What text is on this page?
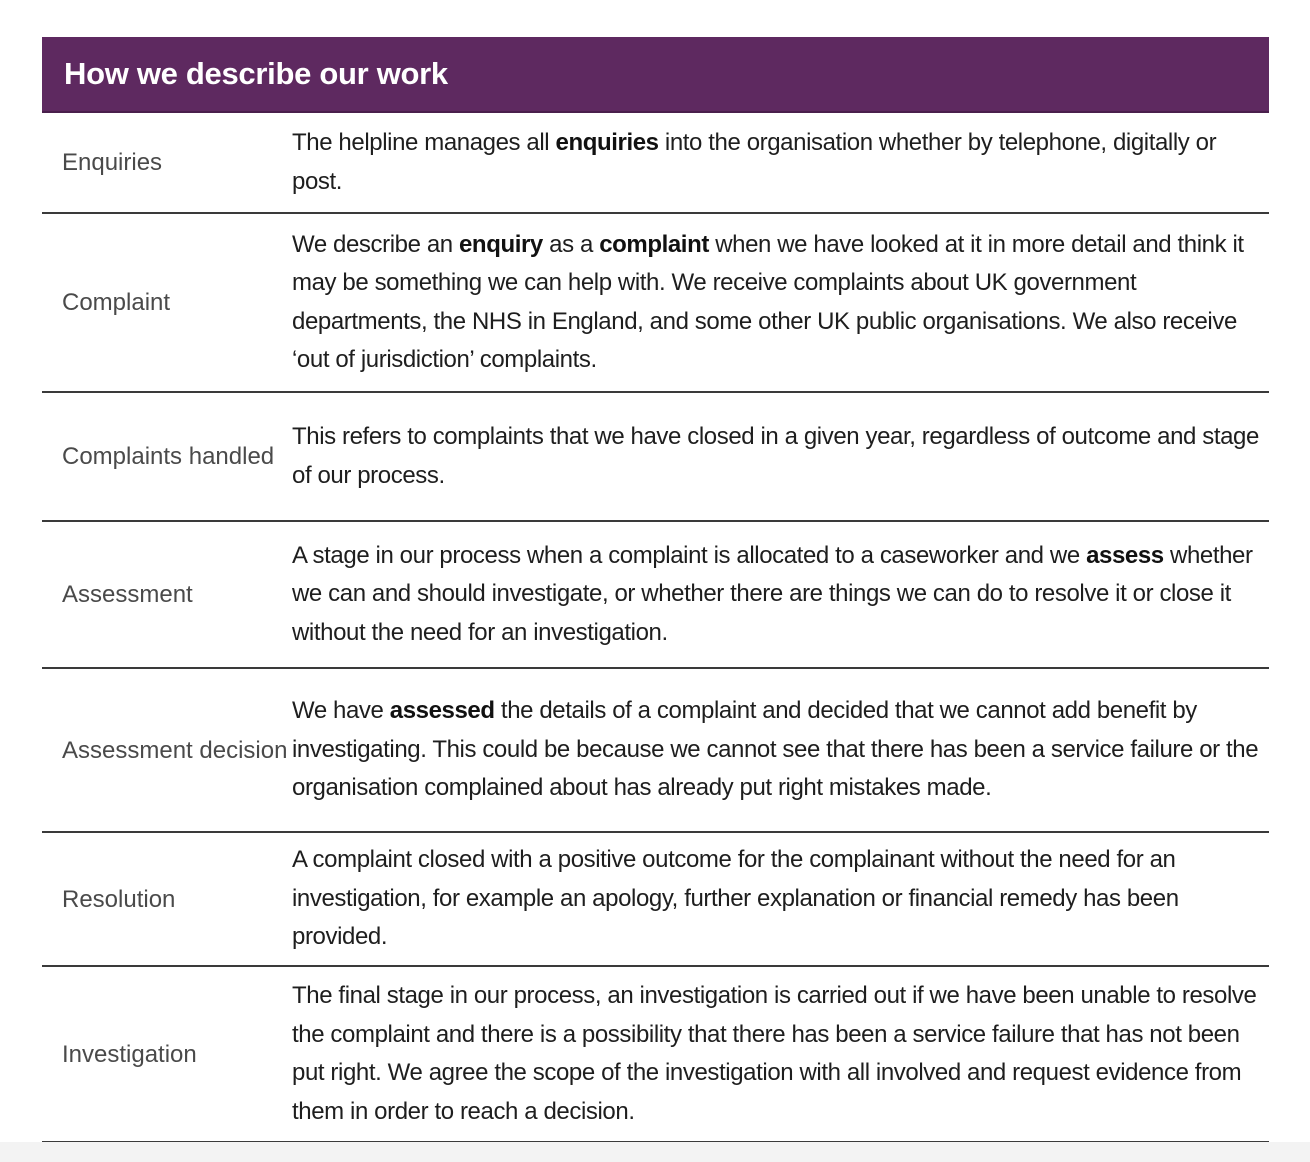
How we describe our work
Enquiries
The helpline manages all enquiries into the organisation whether by telephone, digitally or post.
Complaint
We describe an enquiry as a complaint when we have looked at it in more detail and think it may be something we can help with. We receive complaints about UK government departments, the NHS in England, and some other UK public organisations. We also receive ‘out of jurisdiction’ complaints.
Complaints handled
This refers to complaints that we have closed in a given year, regardless of outcome and stage of our process.
Assessment
A stage in our process when a complaint is allocated to a caseworker and we assess whether we can and should investigate, or whether there are things we can do to resolve it or close it without the need for an investigation.
Assessment decision
We have assessed the details of a complaint and decided that we cannot add benefit by investigating. This could be because we cannot see that there has been a service failure or the organisation complained about has already put right mistakes made.
Resolution
A complaint closed with a positive outcome for the complainant without the need for an investigation, for example an apology, further explanation or financial remedy has been provided.
Investigation
The final stage in our process, an investigation is carried out if we have been unable to resolve the complaint and there is a possibility that there has been a service failure that has not been put right. We agree the scope of the investigation with all involved and request evidence from them in order to reach a decision.
